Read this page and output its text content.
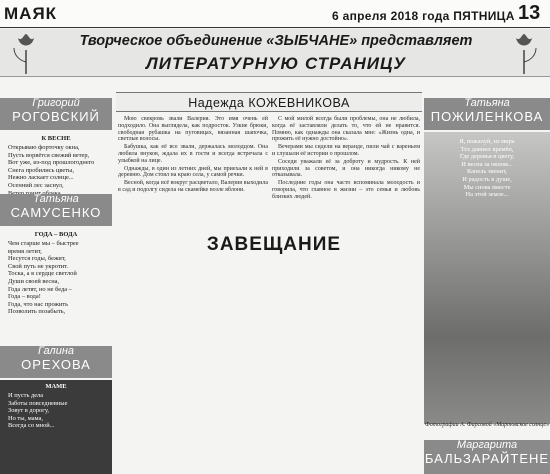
МАЯК	6 апреля 2018 года ПЯТНИЦА 13
Творческое объединение «ЗЫБЧАНЕ» представляет
ЛИТЕРАТУРНУЮ СТРАНИЦУ
Григорий
РОГОВСКИЙ
К ВЕСНЕ

Открываю форточку окна,

Пусть ворвётся свежий ветер,

Вот уже, из-под прошлогоднего

Снега пробились цветы,

Нежно ласкает солнце...

Осенний лес заснул,

Татьяна
САМУСЕНКО
ГОДА – ВОДА

Чем старше мы – быстрее

время летит,

Несутся годы, бежит,

Свой путь не укротит.

Тоска, а в сердце светлой

Души своей весна,

Года летят, но не беда –

Года – вода!

Года, что нас прожить

Позволить позабыть,

Галина
ОРЕХОВА
МАМЕ

И пусть дела

Заботы повседневные

Зовут в дорогу,

Но ты, мама,

Всегда со мной...

Надежда КОЖЕВНИКОВА

Мою свекровь звали Валерия. Это имя очень ей подходило. Она выглядела, как подросток. Узкие брюки, свободная рубашка на пуговицах, вязанная шапочка, светлые волосы.

Бабушка, как её все звали, держалась молодцом. Она любила внуков, ждала их в гости и всегда встречала с улыбкой на лице.

Однажды, в один из летних дней, мы приехали к ней в деревню. Дом стоял на краю села, у самой речки.

Весной, когда всё вокруг расцветало, Валерия выходила в сад и подолгу сидела на скамейке возле яблони.

С мой милой всегда были проблемы, она не любила, когда её заставляли делать то, что ей не нравится. Помню, как однажды она сказала мне: «Жизнь одна, и прожить её нужно достойно».

Вечерами мы сидели на веранде, пили чай с вареньем и слушали её истории о прошлом.

Соседи уважали её за доброту и мудрость. К ней приходили за советом, и она никогда никому не отказывала.

Последние годы она часто вспоминала молодость и говорила, что главное в жизни – это семья и любовь близких людей.

ЗАВЕЩАНИЕ
Татьяна
ПОЖИЛЕНКОВА

Я, пожалуй, из мира

Тех давних времён,

Где деревья в цвету,

И весна за окном...

Капель звенит,

И радость в душе,

Мы снова вместе

На этой земле...

Фотографии А. Фирсовой «Мартовское солнце»
Маргарита
БАЛЬЗАРАЙТЕНЕ
